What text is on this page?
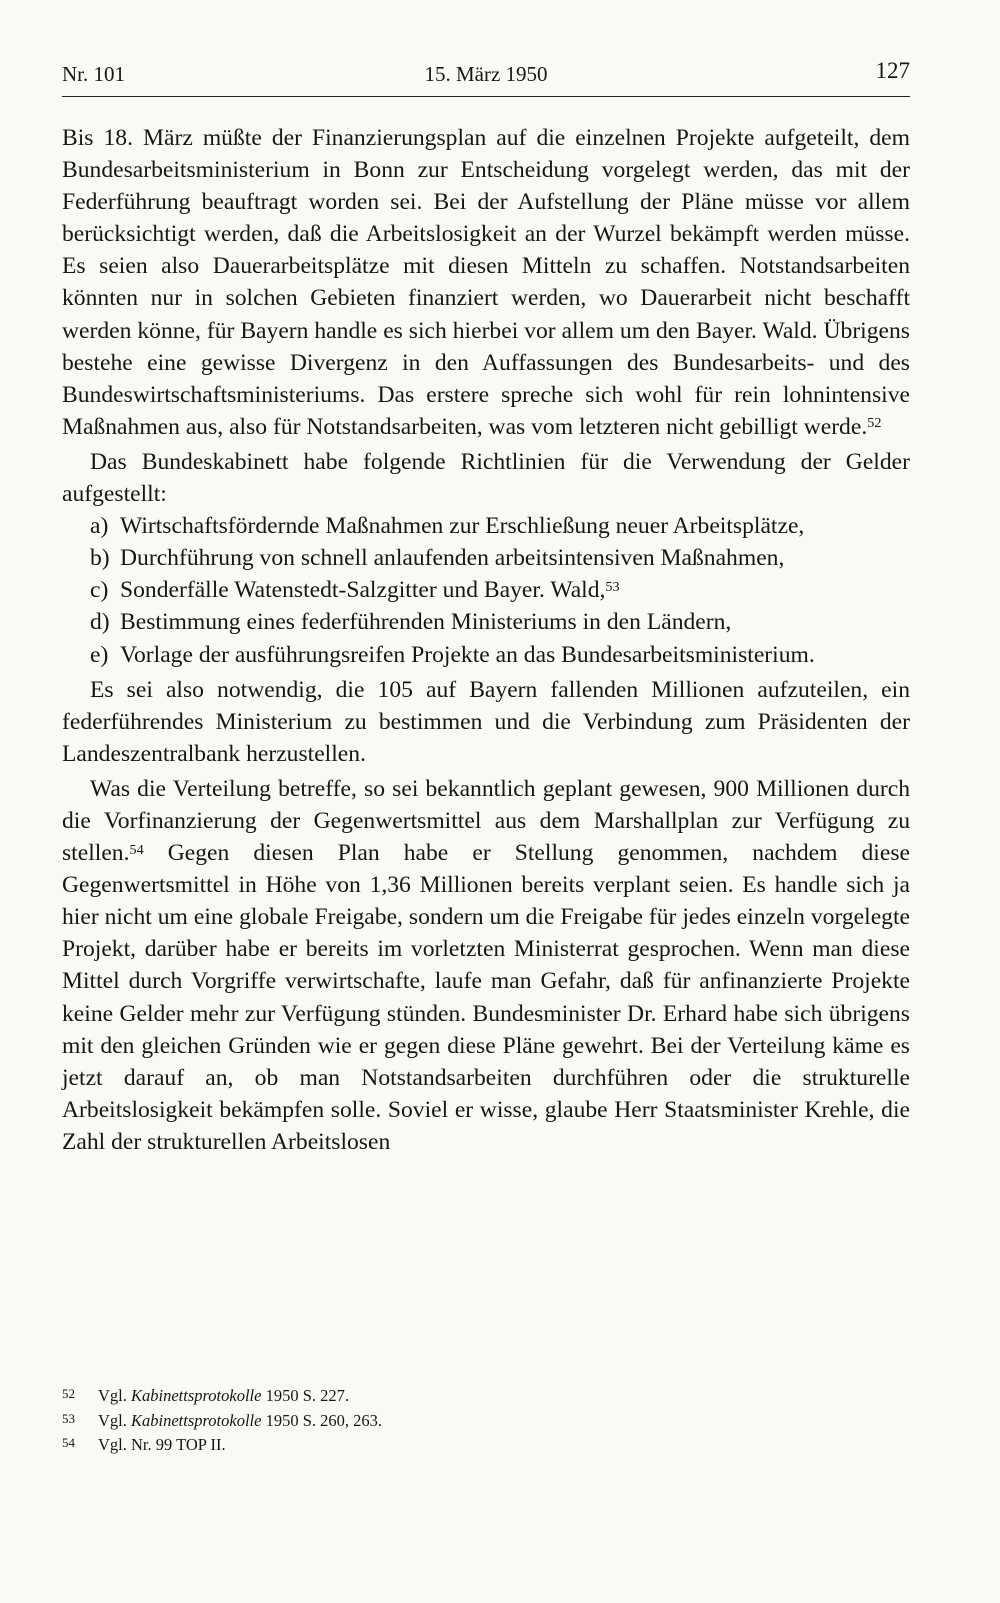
Nr. 101	15. März 1950	127

Bis 18. März müßte der Finanzierungsplan auf die einzelnen Projekte aufgeteilt, dem Bundesarbeitsministerium in Bonn zur Entscheidung vorgelegt werden, das mit der Federführung beauftragt worden sei. Bei der Aufstellung der Pläne müsse vor allem berücksichtigt werden, daß die Arbeitslosigkeit an der Wurzel bekämpft werden müsse. Es seien also Dauerarbeitsplätze mit diesen Mitteln zu schaffen. Notstandsarbeiten könnten nur in solchen Gebieten finanziert werden, wo Dauerarbeit nicht beschafft werden könne, für Bayern handle es sich hierbei vor allem um den Bayer. Wald. Übrigens bestehe eine gewisse Divergenz in den Auffassungen des Bundesarbeits- und des Bundeswirtschaftsministeriums. Das erstere spreche sich wohl für rein lohnintensive Maßnahmen aus, also für Notstandsarbeiten, was vom letzteren nicht gebilligt werde.$^{52}$

Das Bundeskabinett habe folgende Richtlinien für die Verwendung der Gelder aufgestellt:

a) Wirtschaftsfördernde Maßnahmen zur Erschließung neuer Arbeitsplätze,
b) Durchführung von schnell anlaufenden arbeitsintensiven Maßnahmen,
c) Sonderfälle Watenstedt-Salzgitter und Bayer. Wald,$^{53}$
d) Bestimmung eines federführenden Ministeriums in den Ländern,
e) Vorlage der ausführungsreifen Projekte an das Bundesarbeitsministerium.

Es sei also notwendig, die 105 auf Bayern fallenden Millionen aufzuteilen, ein federführendes Ministerium zu bestimmen und die Verbindung zum Präsidenten der Landeszentralbank herzustellen.

Was die Verteilung betreffe, so sei bekanntlich geplant gewesen, 900 Millionen durch die Vorfinanzierung der Gegenwertsmittel aus dem Marshallplan zur Verfügung zu stellen.$^{54}$ Gegen diesen Plan habe er Stellung genommen, nachdem diese Gegenwertsmittel in Höhe von 1,36 Millionen bereits verplant seien. Es handle sich ja hier nicht um eine globale Freigabe, sondern um die Freigabe für jedes einzeln vorgelegte Projekt, darüber habe er bereits im vorletzten Ministerrat gesprochen. Wenn man diese Mittel durch Vorgriffe verwirtschafte, laufe man Gefahr, daß für anfinanzierte Projekte keine Gelder mehr zur Verfügung stünden. Bundesminister Dr. Erhard habe sich übrigens mit den gleichen Gründen wie er gegen diese Pläne gewehrt. Bei der Verteilung käme es jetzt darauf an, ob man Notstandsarbeiten durchführen oder die strukturelle Arbeitslosigkeit bekämpfen solle. Soviel er wisse, glaube Herr Staatsminister Krehle, die Zahl der strukturellen Arbeitslosen

52 Vgl. Kabinettsprotokolle 1950 S. 227.
53 Vgl. Kabinettsprotokolle 1950 S. 260, 263.
54 Vgl. Nr. 99 TOP II.
